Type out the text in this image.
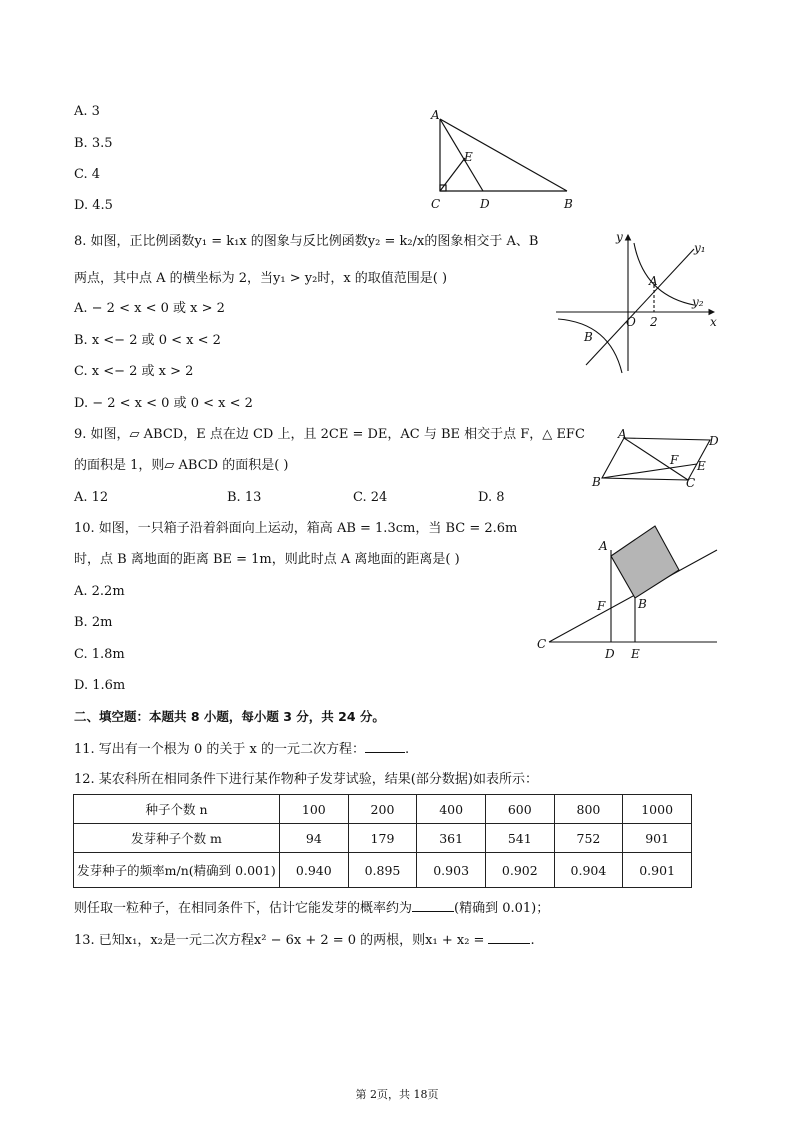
A. 3
B. 3.5
C. 4
D. 4.5
A
E
C	D	B
8. 如图，正比例函数y₁ = k₁x 的图象与反比例函数y₂ = k₂/x的图象相交于 A、B
两点，其中点 A 的横坐标为 2，当y₁ > y₂时，x 的取值范围是( )
A. − 2 < x < 0 或 x > 2
B. x <− 2 或 0 < x < 2
C. x <− 2 或 x > 2
D. − 2 < x < 0 或 0 < x < 2
y
y₁
A
y₂
O 2	x
B
9. 如图，▱ ABCD，E 点在边 CD 上，且 2CE = DE，AC 与 BE 相交于点 F，△ EFC
的面积是 1，则▱ ABCD 的面积是( )
A. 12	B. 13	C. 24	D. 8
A	D
F E
B	C
10. 如图，一只箱子沿着斜面向上运动，箱高 AB = 1.3cm，当 BC = 2.6m
时，点 B 离地面的距离 BE = 1m，则此时点 A 离地面的距离是( )
A. 2.2m
B. 2m
C. 1.8m
D. 1.6m
A
F	B
C
D E
二、填空题：本题共 8 小题，每小题 3 分，共 24 分。
11. 写出有一个根为 0 的关于 x 的一元二次方程：	.
12. 某农科所在相同条件下进行某作物种子发芽试验，结果(部分数据)如表所示：
种子个数 n	100	200	400	600	800	1000
发芽种子个数 m	94	179	361	541	752	901
发芽种子的频率m/n(精确到 0.001)	0.940	0.895	0.903	0.902	0.904	0.901
则任取一粒种子，在相同条件下，估计它能发芽的概率约为	(精确到 0.01)；
13. 已知x₁，x₂是一元二次方程x² − 6x + 2 = 0 的两根，则x₁ + x₂ =	.
第 2页，共 18页
